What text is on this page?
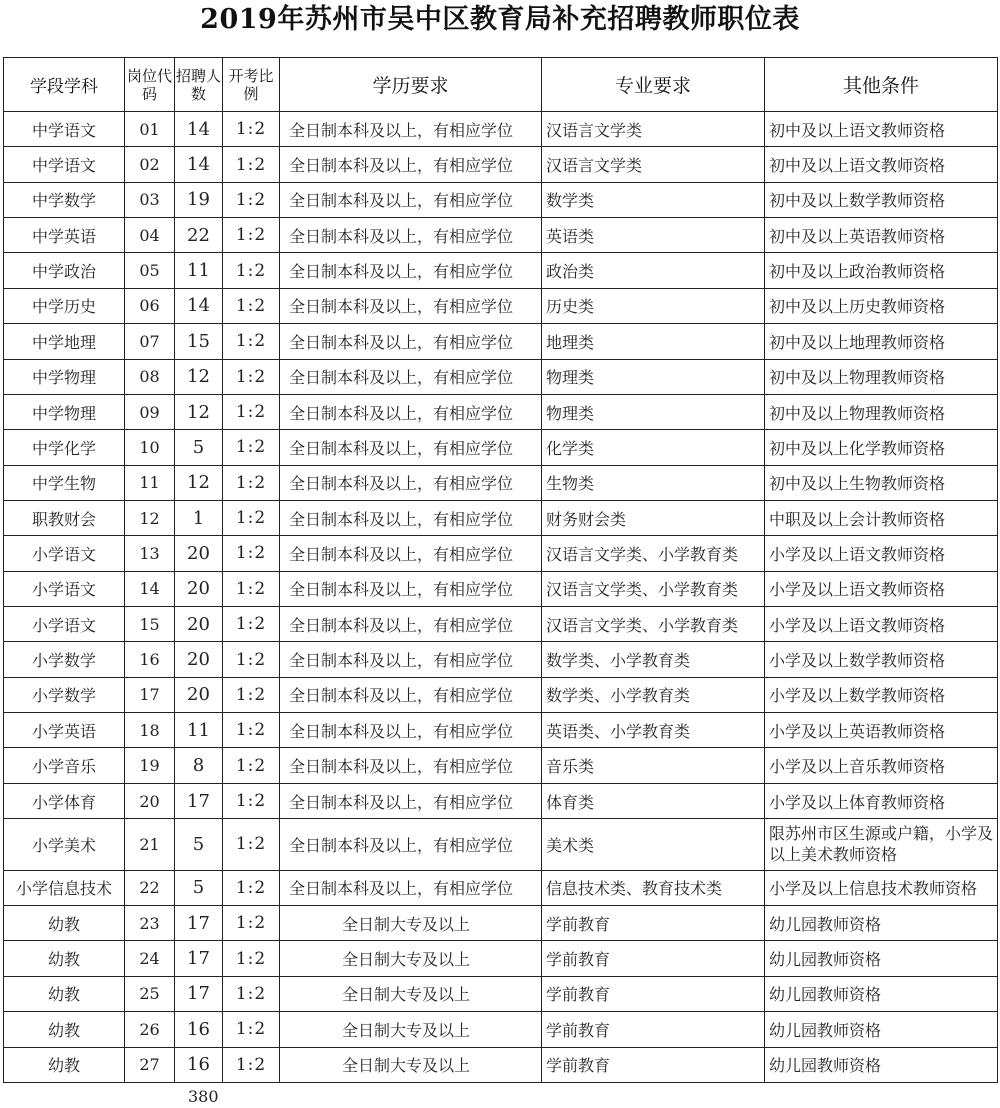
2019年苏州市吴中区教育局补充招聘教师职位表
学段学科	岗位代码	招聘人数	开考比例	学历要求	专业要求	其他条件
中学语文	01	14	1:2	全日制本科及以上，有相应学位	汉语言文学类	初中及以上语文教师资格
中学语文	02	14	1:2	全日制本科及以上，有相应学位	汉语言文学类	初中及以上语文教师资格
中学数学	03	19	1:2	全日制本科及以上，有相应学位	数学类	初中及以上数学教师资格
中学英语	04	22	1:2	全日制本科及以上，有相应学位	英语类	初中及以上英语教师资格
中学政治	05	11	1:2	全日制本科及以上，有相应学位	政治类	初中及以上政治教师资格
中学历史	06	14	1:2	全日制本科及以上，有相应学位	历史类	初中及以上历史教师资格
中学地理	07	15	1:2	全日制本科及以上，有相应学位	地理类	初中及以上地理教师资格
中学物理	08	12	1:2	全日制本科及以上，有相应学位	物理类	初中及以上物理教师资格
中学物理	09	12	1:2	全日制本科及以上，有相应学位	物理类	初中及以上物理教师资格
中学化学	10	5	1:2	全日制本科及以上，有相应学位	化学类	初中及以上化学教师资格
中学生物	11	12	1:2	全日制本科及以上，有相应学位	生物类	初中及以上生物教师资格
职教财会	12	1	1:2	全日制本科及以上，有相应学位	财务财会类	中职及以上会计教师资格
小学语文	13	20	1:2	全日制本科及以上，有相应学位	汉语言文学类、小学教育类	小学及以上语文教师资格
小学语文	14	20	1:2	全日制本科及以上，有相应学位	汉语言文学类、小学教育类	小学及以上语文教师资格
小学语文	15	20	1:2	全日制本科及以上，有相应学位	汉语言文学类、小学教育类	小学及以上语文教师资格
小学数学	16	20	1:2	全日制本科及以上，有相应学位	数学类、小学教育类	小学及以上数学教师资格
小学数学	17	20	1:2	全日制本科及以上，有相应学位	数学类、小学教育类	小学及以上数学教师资格
小学英语	18	11	1:2	全日制本科及以上，有相应学位	英语类、小学教育类	小学及以上英语教师资格
小学音乐	19	8	1:2	全日制本科及以上，有相应学位	音乐类	小学及以上音乐教师资格
小学体育	20	17	1:2	全日制本科及以上，有相应学位	体育类	小学及以上体育教师资格
小学美术	21	5	1:2	全日制本科及以上，有相应学位	美术类	限苏州市区生源或户籍，小学及以上美术教师资格
小学信息技术	22	5	1:2	全日制本科及以上，有相应学位	信息技术类、教育技术类	小学及以上信息技术教师资格
幼教	23	17	1:2	全日制大专及以上	学前教育	幼儿园教师资格
幼教	24	17	1:2	全日制大专及以上	学前教育	幼儿园教师资格
幼教	25	17	1:2	全日制大专及以上	学前教育	幼儿园教师资格
幼教	26	16	1:2	全日制大专及以上	学前教育	幼儿园教师资格
幼教	27	16	1:2	全日制大专及以上	学前教育	幼儿园教师资格
380
